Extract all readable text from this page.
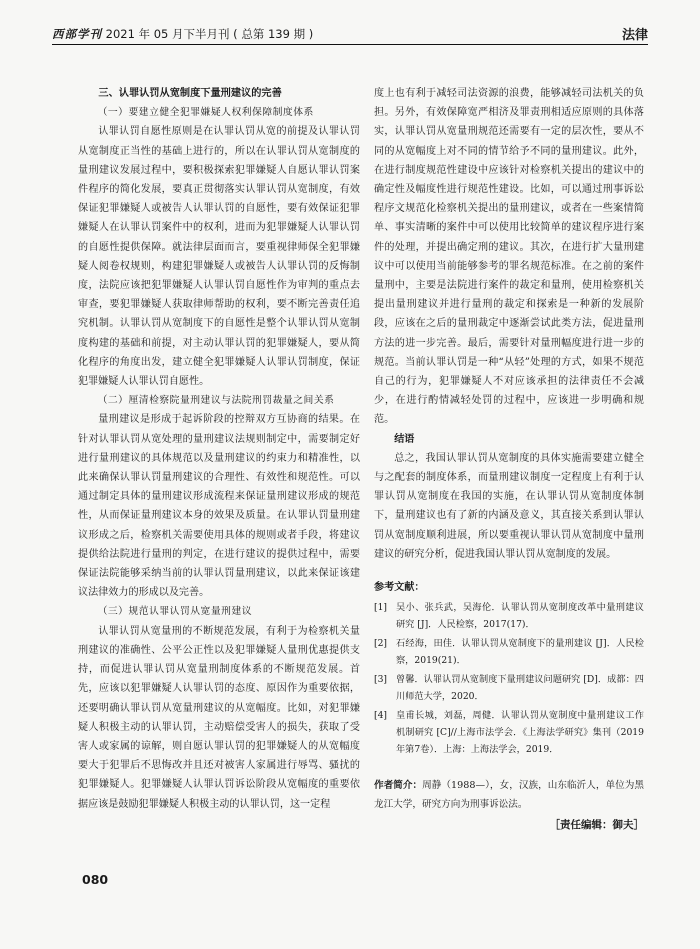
西部学刊 2021 年 05 月下半月刊 ( 总第 139 期 )	法律

三、认罪认罚从宽制度下量刑建议的完善

（一）要建立健全犯罪嫌疑人权利保障制度体系

认罪认罚自愿性原则是在认罪认罚从宽的前提及认罪认罚从宽制度正当性的基础上进行的，所以在认罪认罚从宽制度的量刑建议发展过程中，要积极探索犯罪嫌疑人自愿认罪认罚案件程序的简化发展，要真正贯彻落实认罪认罚从宽制度，有效保证犯罪嫌疑人或被告人认罪认罚的自愿性，要有效保证犯罪嫌疑人在认罪认罚案件中的权利，进而为犯罪嫌疑人认罪认罚的自愿性提供保障。就法律层面而言，要重视律师保全犯罪嫌疑人阅卷权规则，构建犯罪嫌疑人或被告人认罪认罚的反悔制度，法院应该把犯罪嫌疑人认罪认罚自愿性作为审判的重点去审查，要犯罪嫌疑人获取律师帮助的权利，要不断完善责任追究机制。认罪认罚从宽制度下的自愿性是整个认罪认罚从宽制度构建的基础和前提，对主动认罪认罚的犯罪嫌疑人，要从简化程序的角度出发，建立健全犯罪嫌疑人认罪认罚制度，保证犯罪嫌疑人认罪认罚自愿性。

（二）厘清检察院量刑建议与法院刑罚裁量之间关系

量刑建议是形成于起诉阶段的控辩双方互协商的结果。在针对认罪认罚从宽处理的量刑建议法规则制定中，需要制定好进行量刑建议的具体规范以及量刑建议的约束力和精准性，以此来确保认罪认罚量刑建议的合理性、有效性和规范性。可以通过制定具体的量刑建议形成流程来保证量刑建议形成的规范性，从而保证量刑建议本身的效果及质量。在认罪认罚量刑建议形成之后，检察机关需要使用具体的规则或者手段，将建议提供给法院进行量刑的判定，在进行建议的提供过程中，需要保证法院能够采纳当前的认罪认罚量刑建议，以此来保证该建议法律效力的形成以及完善。

（三）规范认罪认罚从宽量刑建议

认罪认罚从宽量刑的不断规范发展，有利于为检察机关量刑建议的准确性、公平公正性以及犯罪嫌疑人量刑优惠提供支持，而促进认罪认罚从宽量刑制度体系的不断规范发展。首先，应该以犯罪嫌疑人认罪认罚的态度、原因作为重要依据，还要明确认罪认罚从宽量刑建议的从宽幅度。比如，对犯罪嫌疑人积极主动的认罪认罚，主动赔偿受害人的损失，获取了受害人或家属的谅解，则自愿认罪认罚的犯罪嫌疑人的从宽幅度要大于犯罪后不思悔改并且还对被害人家属进行辱骂、骚扰的犯罪嫌疑人。犯罪嫌疑人认罪认罚诉讼阶段从宽幅度的重要依据应该是鼓励犯罪嫌疑人积极主动的认罪认罚，这一定程

度上也有利于减轻司法资源的浪费，能够减轻司法机关的负担。另外，有效保障宽严相济及罪责刑相适应原则的具体落实，认罪认罚从宽量刑规范还需要有一定的层次性，要从不同的从宽幅度上对不同的情节给予不同的量刑建议。此外，在进行制度规范性建设中应该针对检察机关提出的建议中的确定性及幅度性进行规范性建设。比如，可以通过刑事诉讼程序文规范化检察机关提出的量刑建议，或者在一些案情简单、事实清晰的案件中可以使用比较简单的建议程序进行案件的处理，并提出确定刑的建议。其次，在进行扩大量刑建议中可以使用当前能够参考的罪名规范标准。在之前的案件量刑中，主要是法院进行案件的裁定和量刑，使用检察机关提出量刑建议并进行量刑的裁定和探索是一种新的发展阶段，应该在之后的量刑裁定中逐渐尝试此类方法，促进量刑方法的进一步完善。最后，需要针对量刑幅度进行进一步的规范。当前认罪认罚是一种“从轻”处理的方式，如果不规范自己的行为，犯罪嫌疑人不对应该承担的法律责任不会减少，在进行酌情减轻处罚的过程中，应该进一步明确和规范。

结语

总之，我国认罪认罚从宽制度的具体实施需要建立健全与之配套的制度体系，而量刑建议制度一定程度上有利于认罪认罚从宽制度在我国的实施，在认罪认罚从宽制度体制下，量刑建议也有了新的内涵及意义，其直接关系到认罪认罚从宽制度顺利进展，所以要重视认罪认罚从宽制度中量刑建议的研究分析，促进我国认罪认罚从宽制度的发展。

参考文献：
[1] 吴小、张兵武，吴海伦．认罪认罚从宽制度改革中量刑建议研究 [J]．人民检察，2017(17)．
[2] 石经海，田佳．认罪认罚从宽制度下的量刑建议 [J]．人民检察，2019(21)．
[3] 曾馨．认罪认罚从宽制度下量刑建议问题研究 [D]．成都：四川师范大学，2020．
[4] 皇甫长城，刘磊，周健．认罪认罚从宽制度中量刑建议工作机制研究 [C]//上海市法学会．《上海法学研究》集刊（2019年第7卷）．上海：上海法学会，2019．
作者简介：周静（1988—），女，汉族，山东临沂人，单位为黑龙江大学，研究方向为刑事诉讼法。
［责任编辑：御夫］
080
